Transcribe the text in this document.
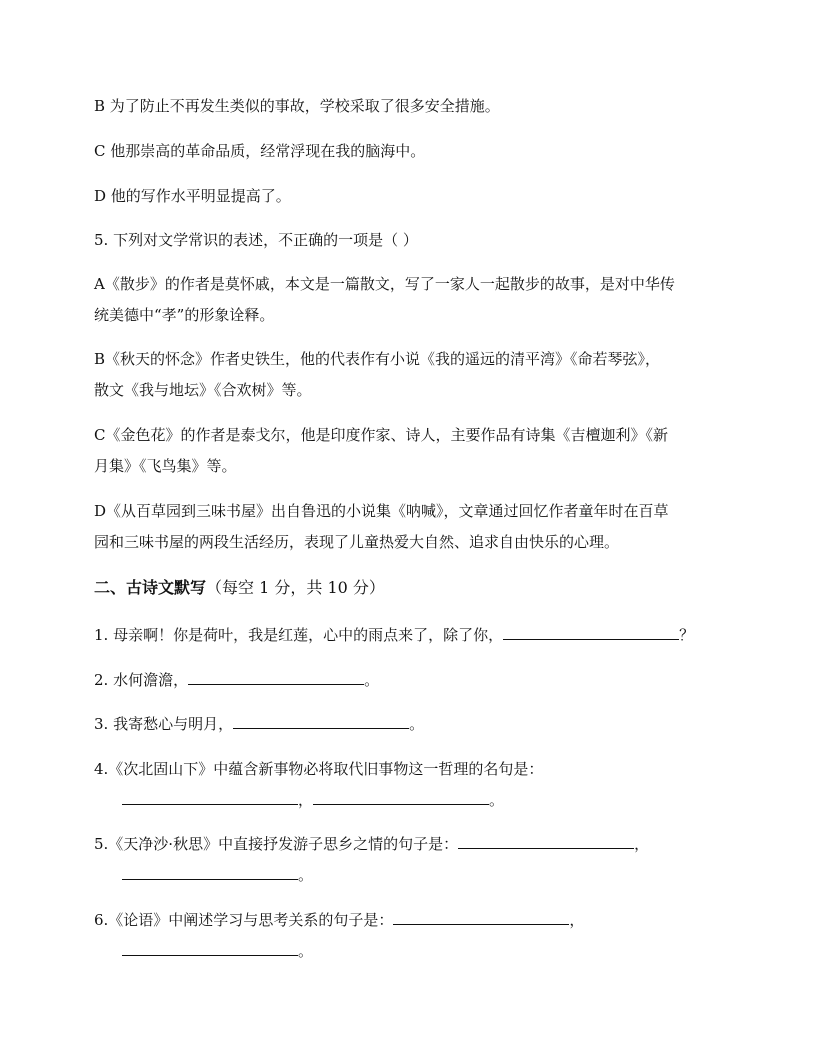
B 为了防止不再发生类似的事故，学校采取了很多安全措施。
C 他那崇高的革命品质，经常浮现在我的脑海中。
D 他的写作水平明显提高了。
5. 下列对文学常识的表述，不正确的一项是（ ）
A《散步》的作者是莫怀戚，本文是一篇散文，写了一家人一起散步的故事，是对中华传
统美德中“孝”的形象诠释。
B《秋天的怀念》作者史铁生，他的代表作有小说《我的遥远的清平湾》《命若琴弦》，
散文《我与地坛》《合欢树》等。
C《金色花》的作者是泰戈尔，他是印度作家、诗人，主要作品有诗集《吉檀迦利》《新
月集》《飞鸟集》等。
D《从百草园到三味书屋》出自鲁迅的小说集《呐喊》，文章通过回忆作者童年时在百草
园和三味书屋的两段生活经历，表现了儿童热爱大自然、追求自由快乐的心理。
二、古诗文默写（每空 1 分，共 10 分）
1. 母亲啊！你是荷叶，我是红莲，心中的雨点来了，除了你，	？
2. 水何澹澹，	。
3. 我寄愁心与明月，	。
4.《次北固山下》中蕴含新事物必将取代旧事物这一哲理的名句是：
，	。
5.《天净沙·秋思》中直接抒发游子思乡之情的句子是：	，
。
6.《论语》中阐述学习与思考关系的句子是：	，
。
